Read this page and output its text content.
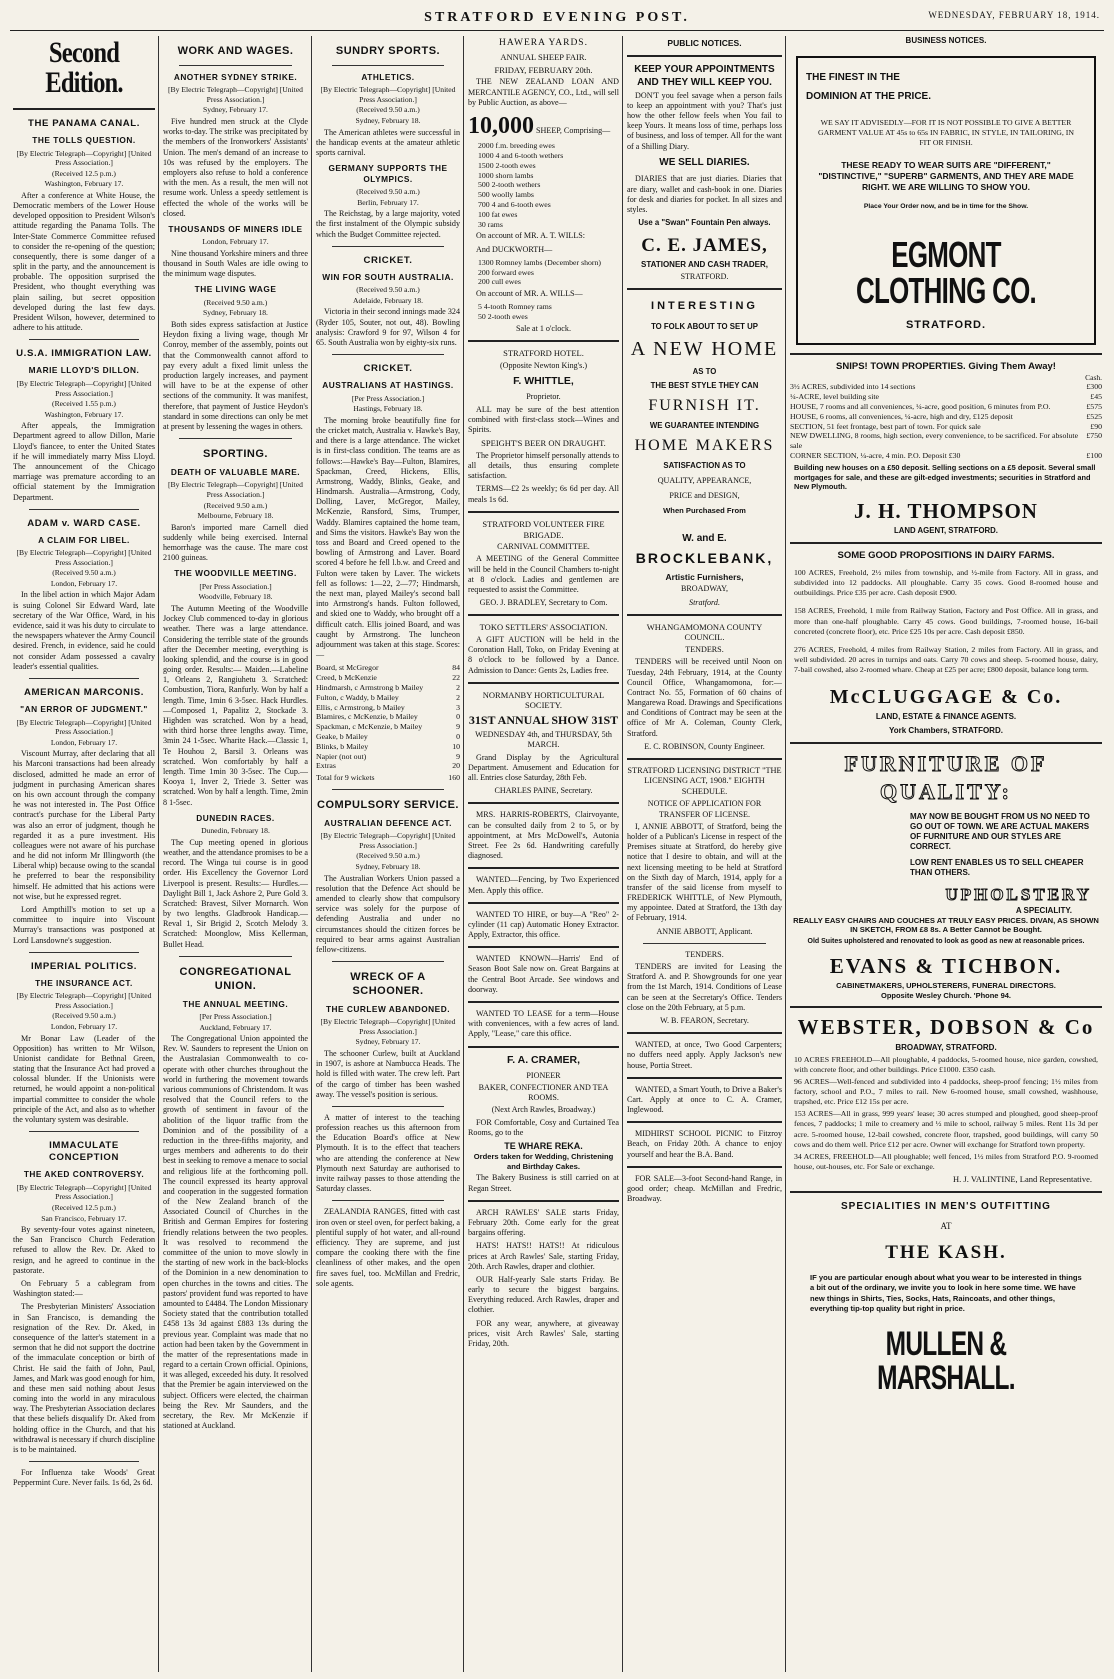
STRATFORD EVENING POST.	WEDNESDAY, FEBRUARY 18, 1914.
Second Edition.
THE PANAMA CANAL.
THE TOLLS QUESTION.
[By Electric Telegraph—Copyright] [United Press Association.]
(Received 12.5 p.m.)
Washington, February 17.
After a conference at White House, the Democratic members of the Lower House developed opposition to President Wilson's attitude regarding the Panama Tolls. The Inter-State Commerce Committee refused to consider the re-opening of the question; consequently, there is some danger of a split in the party, and the announcement is probable. The opposition surprised the President, who thought everything was plain sailing, but secret opposition developed during the last few days. President Wilson, however, determined to adhere to his attitude.
U.S.A. IMMIGRATION LAW.
MARIE LLOYD'S DILLON.
[By Electric Telegraph—Copyright] [United Press Association.]
(Received 1.55 p.m.)
Washington, February 17.
After appeals, the Immigration Department agreed to allow Dillon, Marie Lloyd's fiancee, to enter the United States if he will immediately marry Miss Lloyd. The announcement of the Chicago marriage was premature according to an official statement by the Immigration Department.
ADAM v. WARD CASE.
A CLAIM FOR LIBEL.
[By Electric Telegraph—Copyright] [United Press Association.]
(Received 9.50 a.m.)
London, February 17.
In the libel action in which Major Adam is suing Colonel Sir Edward Ward, late secretary of the War Office, Ward, in his evidence, said it was his duty to circulate to the newspapers whatever the Army Council desired. French, in evidence, said he could not consider Adam possessed a cavalry leader's essential qualities.
AMERICAN MARCONIS.
"AN ERROR OF JUDGMENT."
[By Electric Telegraph—Copyright] [United Press Association.]
London, February 17.
Viscount Murray, after declaring that all his Marconi transactions had been already disclosed, admitted he made an error of judgment in purchasing American shares on his own account through the company he was not interested in. The Post Office contract's purchase for the Liberal Party was also an error of judgment, though he regarded it as a pure investment. His colleagues were not aware of his purchase and he did not inform Mr Illingworth (the Liberal whip) because owing to the scandal he preferred to bear the responsibility himself. He admitted that his actions were not wise, but he expressed regret.
Lord Ampthill's motion to set up a committee to inquire into Viscount Murray's transactions was postponed at Lord Lansdowne's suggestion.
IMPERIAL POLITICS.
THE INSURANCE ACT.
[By Electric Telegraph—Copyright] [United Press Association.]
(Received 9.50 a.m.)
London, February 17.
Mr Bonar Law (Leader of the Opposition) has written to Mr Wilson, Unionist candidate for Bethnal Green, stating that the Insurance Act had proved a colossal blunder. If the Unionists were returned, he would appoint a non-political impartial committee to consider the whole principle of the Act, and also as to whether the voluntary system was desirable.
IMMACULATE CONCEPTION
THE AKED CONTROVERSY.
[By Electric Telegraph—Copyright] [United Press Association.]
(Received 12.5 p.m.)
San Francisco, February 17.
By seventy-four votes against nineteen, the San Francisco Church Federation refused to allow the Rev. Dr. Aked to resign, and he agreed to continue in the pastorate.
On February 5 a cablegram from Washington stated:—
The Presbyterian Ministers' Association in San Francisco, is demanding the resignation of the Rev. Dr. Aked, in consequence of the latter's statement in a sermon that he did not support the doctrine of the immaculate conception or birth of Christ. He said the faith of John, Paul, James, and Mark was good enough for him, and these men said nothing about Jesus coming into the world in any miraculous way. The Presbyterian Association declares that these beliefs disqualify Dr. Aked from holding office in the Church, and that his withdrawal is necessary if church discipline is to be maintained.
For Influenza take Woods' Great Peppermint Cure. Never fails. 1s 6d, 2s 6d.
WORK AND WAGES.
ANOTHER SYDNEY STRIKE.
[By Electric Telegraph—Copyright] [United Press Association.]
Sydney, February 17.
Five hundred men struck at the Clyde works to-day. The strike was precipitated by the members of the Ironworkers' Assistants' Union. The men's demand of an increase to 10s was refused by the employers. The employers also refuse to hold a conference with the men. As a result, the men will not resume work. Unless a speedy settlement is effected the whole of the works will be closed.
THOUSANDS OF MINERS IDLE
London, February 17.
Nine thousand Yorkshire miners and three thousand in South Wales are idle owing to the minimum wage disputes.
THE LIVING WAGE
(Received 9.50 a.m.)
Sydney, February 18.
Both sides express satisfaction at Justice Heydon fixing a living wage, though Mr Conroy, member of the assembly, points out that the Commonwealth cannot afford to pay every adult a fixed limit unless the production largely increases, and payment will have to be at the expense of other sections of the community. It was manifest, therefore, that payment of Justice Heydon's standard in some directions can only be met at present by lessening the wages in others.
SPORTING.
DEATH OF VALUABLE MARE.
[By Electric Telegraph—Copyright] [United Press Association.]
(Received 9.50 a.m.)
Melbourne, February 18.
Baron's imported mare Carnell died suddenly while being exercised. Internal hemorrhage was the cause. The mare cost 2100 guineas.
THE WOODVILLE MEETING.
[Per Press Association.]
Woodville, February 18.
The Autumn Meeting of the Woodville Jockey Club commenced to-day in glorious weather. There was a large attendance. Considering the terrible state of the grounds after the December meeting, everything is looking splendid, and the course is in good going order. Results:— Maiden.—Labeline 1, Orleans 2, Rangiuhetu 3. Scratched: Combustion, Tiora, Ranfurly. Won by half a length. Time, 1min 6 3-5sec. Hack Hurdles.—Composed 1, Papalitz 2, Stockade 3. Highden was scratched. Won by a head, with third horse three lengths away. Time, 3min 24 1-5sec. Wharite Hack.—Classic 1, Te Houhou 2, Barsil 3. Orleans was scratched. Won comfortably by half a length. Time 1min 30 3-5sec. The Cup.—Kooya 1, Inver 2, Triede 3. Setter was scratched. Won by half a length. Time, 2min 8 1-5sec.
DUNEDIN RACES.
Dunedin, February 18.
The Cup meeting opened in glorious weather, and the attendance promises to be a record. The Winga tui course is in good order. His Excellency the Governor Lord Liverpool is present. Results:— Hurdles.—Daylight Bill 1, Jack Ashore 2, Pure Gold 3. Scratched: Bravest, Silver Mornarch. Won by two lengths. Gladbrook Handicap.—Reval 1, Sir Brigid 2, Scotch Melody 3. Scratched: Moonglow, Miss Kellerman, Bullet Head.
CONGREGATIONAL UNION.
THE ANNUAL MEETING.
[Per Press Association.]
Auckland, February 17.
The Congregational Union appointed the Rev. W. Saunders to represent the Union on the Australasian Commonwealth to co-operate with other churches throughout the world in furthering the movement towards various communions of Christendom. It was resolved that the Council refers to the growth of sentiment in favour of the abolition of the liquor traffic from the Dominion and of the possibility of a reduction in the three-fifths majority, and urges members and adherents to do their best in seeking to remove a menace to social and religious life at the forthcoming poll. The council expressed its hearty approval and cooperation in the suggested formation of the New Zealand branch of the Associated Council of Churches in the British and German Empires for fostering friendly relations between the two peoples. It was resolved to recommend the committee of the union to move slowly in the starting of new work in the back-blocks of the Dominion in a new denomination to open churches in the towns and cities. The pastors' provident fund was reported to have amounted to £4484. The London Missionary Society stated that the contribution totalled £458 13s 3d against £883 13s during the previous year. Complaint was made that no action had been taken by the Government in the matter of the representations made in regard to a certain Crown official. Opinions, it was alleged, exceeded his duty. It resolved that the Premier be again interviewed on the subject. Officers were elected, the chairman being the Rev. Mr Saunders, and the secretary, the Rev. Mr McKenzie if stationed at Auckland.
SUNDRY SPORTS.
ATHLETICS.
[By Electric Telegraph—Copyright] [United Press Association.]
(Received 9.50 a.m.)
Sydney, February 18.
The American athletes were successful in the handicap events at the amateur athletic sports carnival.
GERMANY SUPPORTS THE OLYMPICS.
(Received 9.50 a.m.)
Berlin, February 17.
The Reichstag, by a large majority, voted the first instalment of the Olympic subsidy which the Budget Committee rejected.
CRICKET.
WIN FOR SOUTH AUSTRALIA.
(Received 9.50 a.m.)
Adelaide, February 18.
Victoria in their second innings made 324 (Ryder 105, Souter, not out, 48). Bowling analysis: Crawford 9 for 97, Wilson 4 for 65. South Australia won by eighty-six runs.
CRICKET.
AUSTRALIANS AT HASTINGS.
[Per Press Association.]
Hastings, February 18.
The morning broke beautifully fine for the cricket match, Australia v. Hawke's Bay, and there is a large attendance. The wicket is in first-class condition. The teams are as follows:—Hawke's Bay—Fulton, Blamires, Spackman, Creed, Hickens, Ellis, Armstrong, Waddy, Blinks, Geake, and Hindmarsh. Australia—Armstrong, Cody, Dolling, Laver, McGregor, Mailey, McKenzie, Ransford, Sims, Trumper, Waddy. Blamires captained the home team, and Sims the visitors. Hawke's Bay won the toss and Board and Creed opened to the bowling of Armstrong and Laver. Board scored 4 before he fell l.b.w. and Creed and Fulton were taken by Laver. The wickets fell as follows: 1—22, 2—77; Hindmarsh, the next man, played Mailey's second ball into Armstrong's hands. Fulton followed, and skied one to Waddy, who brought off a difficult catch. Ellis joined Board, and was caught by Armstrong. The luncheon adjournment was taken at this stage. Scores:—
Board, st McGregor	84
Creed, b McKenzie	22
Hindmarsh, c Armstrong b Mailey	2
Fulton, c Waddy, b Mailey	2
Ellis, c Armstrong, b Mailey	3
Blamires, c McKenzie, b Mailey	0
Spackman, c McKenzie, b Mailey	9
Geake, b Mailey	0
Blinks, b Mailey	10
Napier (not out)	9
Extras	20
Total for 9 wickets	160
COMPULSORY SERVICE.
AUSTRALIAN DEFENCE ACT.
[By Electric Telegraph—Copyright] [United Press Association.]
(Received 9.50 a.m.)
Sydney, February 18.
The Australian Workers Union passed a resolution that the Defence Act should be amended to clearly show that compulsory service was solely for the purpose of defending Australia and under no circumstances should the citizen forces be required to bear arms against Australian fellow-citizens.
WRECK OF A SCHOONER.
THE CURLEW ABANDONED.
[By Electric Telegraph—Copyright] [United Press Association.]
Sydney, February 17.
The schooner Curlew, built at Auckland in 1907, is ashore at Nambucca Heads. The hold is filled with water. The crew left. Part of the cargo of timber has been washed away. The vessel's position is serious.
A matter of interest to the teaching profession reaches us this afternoon from the Education Board's office at New Plymouth. It is to the effect that teachers who are attending the conference at New Plymouth next Saturday are authorised to invite railway passes to those attending the Saturday classes.
ZEALANDIA RANGES, fitted with cast iron oven or steel oven, for perfect baking, a plentiful supply of hot water, and all-round efficiency. They are supreme, and just compare the cooking there with the fine cleanliness of other makes, and the open fire saves fuel, too. McMillan and Fredric, sole agents.
HAWERA YARDS.
ANNUAL SHEEP FAIR.
FRIDAY, FEBRUARY 20th.
THE NEW ZEALAND LOAN AND MERCANTILE AGENCY, CO., Ltd., will sell by Public Auction, as above—
10,000 SHEEP, Comprising—
2000 f.m. breeding ewes
1000 4 and 6-tooth wethers
1500 2-tooth ewes
1000 shorn lambs
500 2-tooth wethers
500 woolly lambs
700 4 and 6-tooth ewes
100 fat ewes
30 rams
On account of MR. A. T. WILLS:
And DUCKWORTH—
1300 Romney lambs (December shorn)
200 forward ewes
200 cull ewes
On account of MR. A. WILLS—
5 4-tooth Romney rams
50 2-tooth ewes
Sale at 1 o'clock.
STRATFORD HOTEL.
(Opposite Newton King's.)
F. WHITTLE,
Proprietor.
ALL may be sure of the best attention combined with first-class stock—Wines and Spirits.
SPEIGHT'S BEER ON DRAUGHT.
The Proprietor himself personally attends to all details, thus ensuring complete satisfaction.
TERMS—£2 2s weekly; 6s 6d per day. All meals 1s 6d.
STRATFORD VOLUNTEER FIRE BRIGADE.
CARNIVAL COMMITTEE.
A MEETING of the General Committee will be held in the Council Chambers to-night at 8 o'clock. Ladies and gentlemen are requested to assist the Committee.
GEO. J. BRADLEY, Secretary to Com.
TOKO SETTLERS' ASSOCIATION.
A GIFT AUCTION will be held in the Coronation Hall, Toko, on Friday Evening at 8 o'clock to be followed by a Dance. Admission to Dance: Gents 2s, Ladies free.
NORMANBY HORTICULTURAL SOCIETY.
31ST ANNUAL SHOW 31ST
WEDNESDAY 4th, and THURSDAY, 5th MARCH.
Grand Display by the Agricultural Department. Amusement and Education for all. Entries close Saturday, 28th Feb.
CHARLES PAINE, Secretary.
MRS. HARRIS-ROBERTS, Clairvoyante, can be consulted daily from 2 to 5, or by appointment, at Mrs McDowell's, Autonia Street. Fee 2s 6d. Handwriting carefully diagnosed.
WANTED—Fencing, by Two Experienced Men. Apply this office.
WANTED TO HIRE, or buy—A "Reo" 2-cylinder (11 cap) Automatic Honey Extractor. Apply, Extractor, this office.
WANTED KNOWN—Harris' End of Season Boot Sale now on. Great Bargains at the Central Boot Arcade. See windows and doorway.
WANTED TO LEASE for a term—House with conveniences, with a few acres of land. Apply, "Lease," care this office.
F. A. CRAMER,
PIONEER
BAKER, CONFECTIONER AND TEA ROOMS.
(Next Arch Rawles, Broadway.)
FOR Comfortable, Cosy and Curtained Tea Rooms, go to the
TE WHARE REKA.
Orders taken for Wedding, Christening and Birthday Cakes.
The Bakery Business is still carried on at Regan Street.
ARCH RAWLES' SALE starts Friday, February 20th. Come early for the great bargains offering.
HATS! HATS!! HATS!! At ridiculous prices at Arch Rawles' Sale, starting Friday, 20th. Arch Rawles, draper and clothier.
OUR Half-yearly Sale starts Friday. Be early to secure the biggest bargains. Everything reduced. Arch Rawles, draper and clothier.
FOR any wear, anywhere, at giveaway prices, visit Arch Rawles' Sale, starting Friday, 20th.
PUBLIC NOTICES.
KEEP YOUR APPOINTMENTS AND THEY WILL KEEP YOU.
DON'T you feel savage when a person fails to keep an appointment with you? That's just how the other fellow feels when You fail to keep Yours. It means loss of time, perhaps loss of business, and loss of temper. All for the want of a Shilling Diary.
WE SELL DIARIES.
DIARIES that are just diaries. Diaries that are diary, wallet and cash-book in one. Diaries for desk and diaries for pocket. In all sizes and styles.
Use a "Swan" Fountain Pen always.
C. E. JAMES,
STATIONER AND CASH TRADER,
STRATFORD.
INTERESTING
TO FOLK ABOUT TO SET UP
A NEW HOME
AS TO
THE BEST STYLE THEY CAN
FURNISH IT.
WE GUARANTEE INTENDING
HOME MAKERS
SATISFACTION AS TO
QUALITY, APPEARANCE,
PRICE and DESIGN,
When Purchased From
W. and E.
BROCKLEBANK,
Artistic Furnishers,
BROADWAY,
Stratford.
WHANGAMOMONA COUNTY COUNCIL.
TENDERS.
TENDERS will be received until Noon on Tuesday, 24th February, 1914, at the County Council Office, Whangamomona, for:—Contract No. 55, Formation of 60 chains of Mangarewa Road. Drawings and Specifications and Conditions of Contract may be seen at the office of Mr A. Coleman, County Clerk, Stratford.
E. C. ROBINSON, County Engineer.
STRATFORD LICENSING DISTRICT "THE LICENSING ACT, 1908." EIGHTH SCHEDULE.
NOTICE OF APPLICATION FOR TRANSFER OF LICENSE.
I, ANNIE ABBOTT, of Stratford, being the holder of a Publican's License in respect of the Premises situate at Stratford, do hereby give notice that I desire to obtain, and will at the next licensing meeting to be held at Stratford on the Sixth day of March, 1914, apply for a transfer of the said license from myself to FREDERICK WHITTLE, of New Plymouth, my appointee. Dated at Stratford, the 13th day of February, 1914.
ANNIE ABBOTT, Applicant.
TENDERS.
TENDERS are invited for Leasing the Stratford A. and P. Showgrounds for one year from the 1st March, 1914. Conditions of Lease can be seen at the Secretary's Office. Tenders close on the 20th February, at 5 p.m.
W. B. FEARON, Secretary.
WANTED, at once, Two Good Carpenters; no duffers need apply. Apply Jackson's new house, Portia Street.
WANTED, a Smart Youth, to Drive a Baker's Cart. Apply at once to C. A. Cramer, Inglewood.
MIDHIRST SCHOOL PICNIC to Fitzroy Beach, on Friday 20th. A chance to enjoy yourself and hear the B.A. Band.
FOR SALE—3-foot Second-hand Range, in good order; cheap. McMillan and Fredric, Broadway.
BUSINESS NOTICES.
THE FINEST IN THE DOMINION AT THE PRICE.
WE SAY IT ADVISEDLY—FOR IT IS NOT POSSIBLE TO GIVE A BETTER GARMENT VALUE AT 45s to 65s IN FABRIC, IN STYLE, IN TAILORING, IN FIT OR FINISH.
THESE READY TO WEAR SUITS ARE "DIFFERENT," "DISTINCTIVE," "SUPERB" GARMENTS, AND THEY ARE MADE RIGHT. WE ARE WILLING TO SHOW YOU.
Place Your Order now, and be in time for the Show.
EGMONT CLOTHING CO.
STRATFORD.
SNIPS! TOWN PROPERTIES. Giving Them Away!
Cash.
3½ ACRES, subdivided into 14 sections	£300
¼-ACRE, level building site	£45
HOUSE, 7 rooms and all conveniences, ¼-acre, good position, 6 minutes from P.O.	£575
HOUSE, 6 rooms, all conveniences, ¼-acre, high and dry, £125 deposit	£525
SECTION, 51 feet frontage, best part of town. For quick sale	£90
NEW DWELLING, 8 rooms, high section, every convenience, to be sacrificed. For absolute sale
£750
CORNER SECTION, ¼-acre, 4 min. P.O. Deposit £30	£100
Building new houses on a £50 deposit. Selling sections on a £5 deposit. Several small mortgages for sale, and these are gilt-edged investments; securities in Stratford and New Plymouth.
J. H. THOMPSON
LAND AGENT, STRATFORD.
SOME GOOD PROPOSITIONS IN DAIRY FARMS.
100 ACRES, Freehold, 2½ miles from township, and ½-mile from Factory. All in grass, and subdivided into 12 paddocks. All ploughable. Carry 35 cows. Good 8-roomed house and outbuildings. Price £35 per acre. Cash deposit £900.
158 ACRES, Freehold, 1 mile from Railway Station, Factory and Post Office. All in grass, and more than one-half ploughable. Carry 45 cows. Good buildings, 7-roomed house, 16-bail concreted (concrete floor), etc. Price £25 10s per acre. Cash deposit £850.
276 ACRES, Freehold, 4 miles from Railway Station, 2 miles from Factory. All in grass, and well subdivided. 20 acres in turnips and oats. Carry 70 cows and sheep. 5-roomed house, dairy, 7-bail cowshed, also 2-roomed whare. Cheap at £25 per acre; £800 deposit, balance long term.
McCLUGGAGE & Co.
LAND, ESTATE & FINANCE AGENTS.
York Chambers, STRATFORD.
FURNITURE OF QUALITY:
MAY NOW BE BOUGHT FROM US NO NEED TO GO OUT OF TOWN. WE ARE ACTUAL MAKERS OF FURNITURE AND OUR STYLES ARE CORRECT.
LOW RENT ENABLES US TO SELL CHEAPER THAN OTHERS.
UPHOLSTERY
A SPECIALITY.
REALLY EASY CHAIRS AND COUCHES AT TRULY EASY PRICES. DIVAN, AS SHOWN IN SKETCH, FROM £8 8s. A Better Cannot be Bought.
Old Suites upholstered and renovated to look as good as new at reasonable prices.
EVANS & TICHBON.
CABINETMAKERS, UPHOLSTERERS, FUNERAL DIRECTORS.
Opposite Wesley Church. 'Phone 94.
WEBSTER, DOBSON & Co
BROADWAY, STRATFORD.
10 ACRES FREEHOLD—All ploughable, 4 paddocks, 5-roomed house, nice garden, cowshed, with concrete floor, and other buildings. Price £1000. £350 cash.
96 ACRES—Well-fenced and subdivided into 4 paddocks, sheep-proof fencing; 1½ miles from factory, school and P.O., 7 miles to rail. New 6-roomed house, small cowshed, washhouse, trapshed, etc. Price £12 15s per acre.
153 ACRES—All in grass, 999 years' lease; 30 acres stumped and ploughed, good sheep-proof fences, 7 paddocks; 1 mile to creamery and ½ mile to school, railway 5 miles. Rent 11s 3d per acre. 5-roomed house, 12-bail cowshed, concrete floor, trapshed, good buildings, will carry 50 cows and do them well. Price £12 per acre. Owner will exchange for Stratford town property.
34 ACRES, FREEHOLD—All ploughable; well fenced, 1½ miles from Stratford P.O. 9-roomed house, out-houses, etc. For Sale or exchange.
H. J. VALINTINE, Land Representative.
SPECIALITIES IN MEN'S OUTFITTING
AT
THE KASH.
IF you are particular enough about what you wear to be interested in things a bit out of the ordinary, we invite you to look in here some time. WE have new things in Shirts, Ties, Socks, Hats, Raincoats, and other things, everything tip-top quality but right in price.
MULLEN & MARSHALL.
